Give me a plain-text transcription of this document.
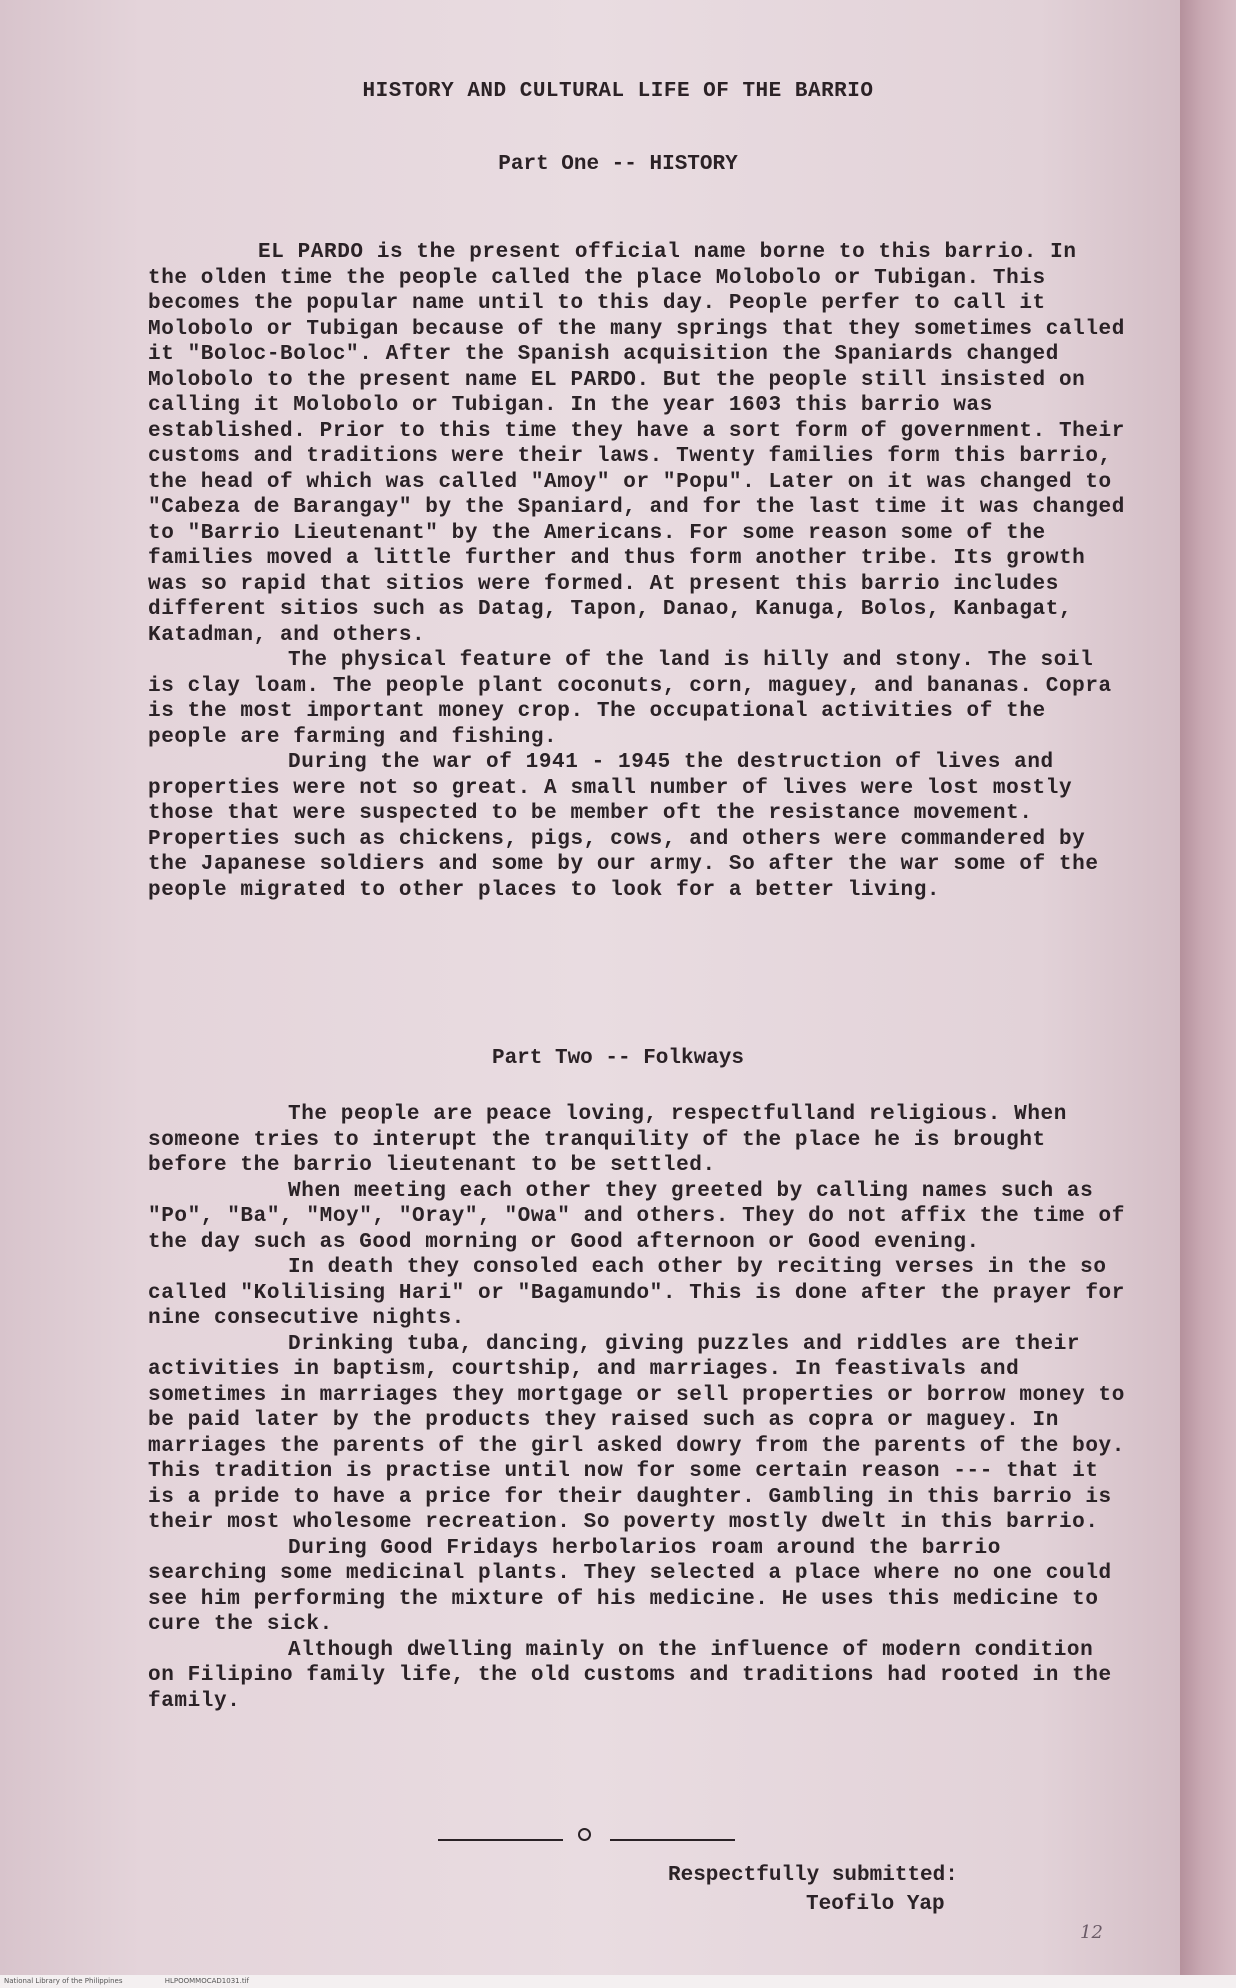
HISTORY AND CULTURAL LIFE OF THE BARRIO
Part One -- HISTORY

EL PARDO is the present official name borne to this barrio. In the olden time the people called the place Molobolo or Tubigan. This becomes the popular name until to this day. People perfer to call it Molobolo or Tubigan because of the many springs that they sometimes called it "Boloc-Boloc". After the Spanish acquisition the Spaniards changed Molobolo to the present name EL PARDO. But the people still insisted on calling it Molobolo or Tubigan. In the year 1603 this barrio was established. Prior to this time they have a sort form of government. Their customs and traditions were their laws. Twenty families form this barrio, the head of which was called "Amoy" or "Popu". Later on it was changed to "Cabeza de Barangay" by the Spaniard, and for the last time it was changed to "Barrio Lieutenant" by the Americans. For some reason some of the families moved a little further and thus form another tribe. Its growth was so rapid that sitios were formed. At present this barrio includes different sitios such as Datag, Tapon, Danao, Kanuga, Bolos, Kanbagat, Katadman, and others.

The physical feature of the land is hilly and stony. The soil is clay loam. The people plant coconuts, corn, maguey, and bananas. Copra is the most important money crop. The occupational activities of the people are farming and fishing.

During the war of 1941 - 1945 the destruction of lives and properties were not so great. A small number of lives were lost mostly those that were suspected to be member oft the resistance movement. Properties such as chickens, pigs, cows, and others were commandered by the Japanese soldiers and some by our army. So after the war some of the people migrated to other places to look for a better living.

Part Two -- Folkways

The people are peace loving, respectfulland religious. When someone tries to interupt the tranquility of the place he is brought before the barrio lieutenant to be settled.

When meeting each other they greeted by calling names such as "Po", "Ba", "Moy", "Oray", "Owa" and others. They do not affix the time of the day such as Good morning or Good afternoon or Good evening.

In death they consoled each other by reciting verses in the so called "Kolilising Hari" or "Bagamundo". This is done after the prayer for nine consecutive nights.

Drinking tuba, dancing, giving puzzles and riddles are their activities in baptism, courtship, and marriages. In feastivals and sometimes in marriages they mortgage or sell properties or borrow money to be paid later by the products they raised such as copra or maguey. In marriages the parents of the girl asked dowry from the parents of the boy. This tradition is practise until now for some certain reason --- that it is a pride to have a price for their daughter. Gambling in this barrio is their most wholesome recreation. So poverty mostly dwelt in this barrio.

During Good Fridays herbolarios roam around the barrio searching some medicinal plants. They selected a place where no one could see him performing the mixture of his medicine. He uses this medicine to cure the sick.

Although dwelling mainly on the influence of modern condition on Filipino family life, the old customs and traditions had rooted in the family.

Respectfully submitted:
Teofilo Yap
12
National Library of the Philippines	HLPOOMMOCAD1031.tif
